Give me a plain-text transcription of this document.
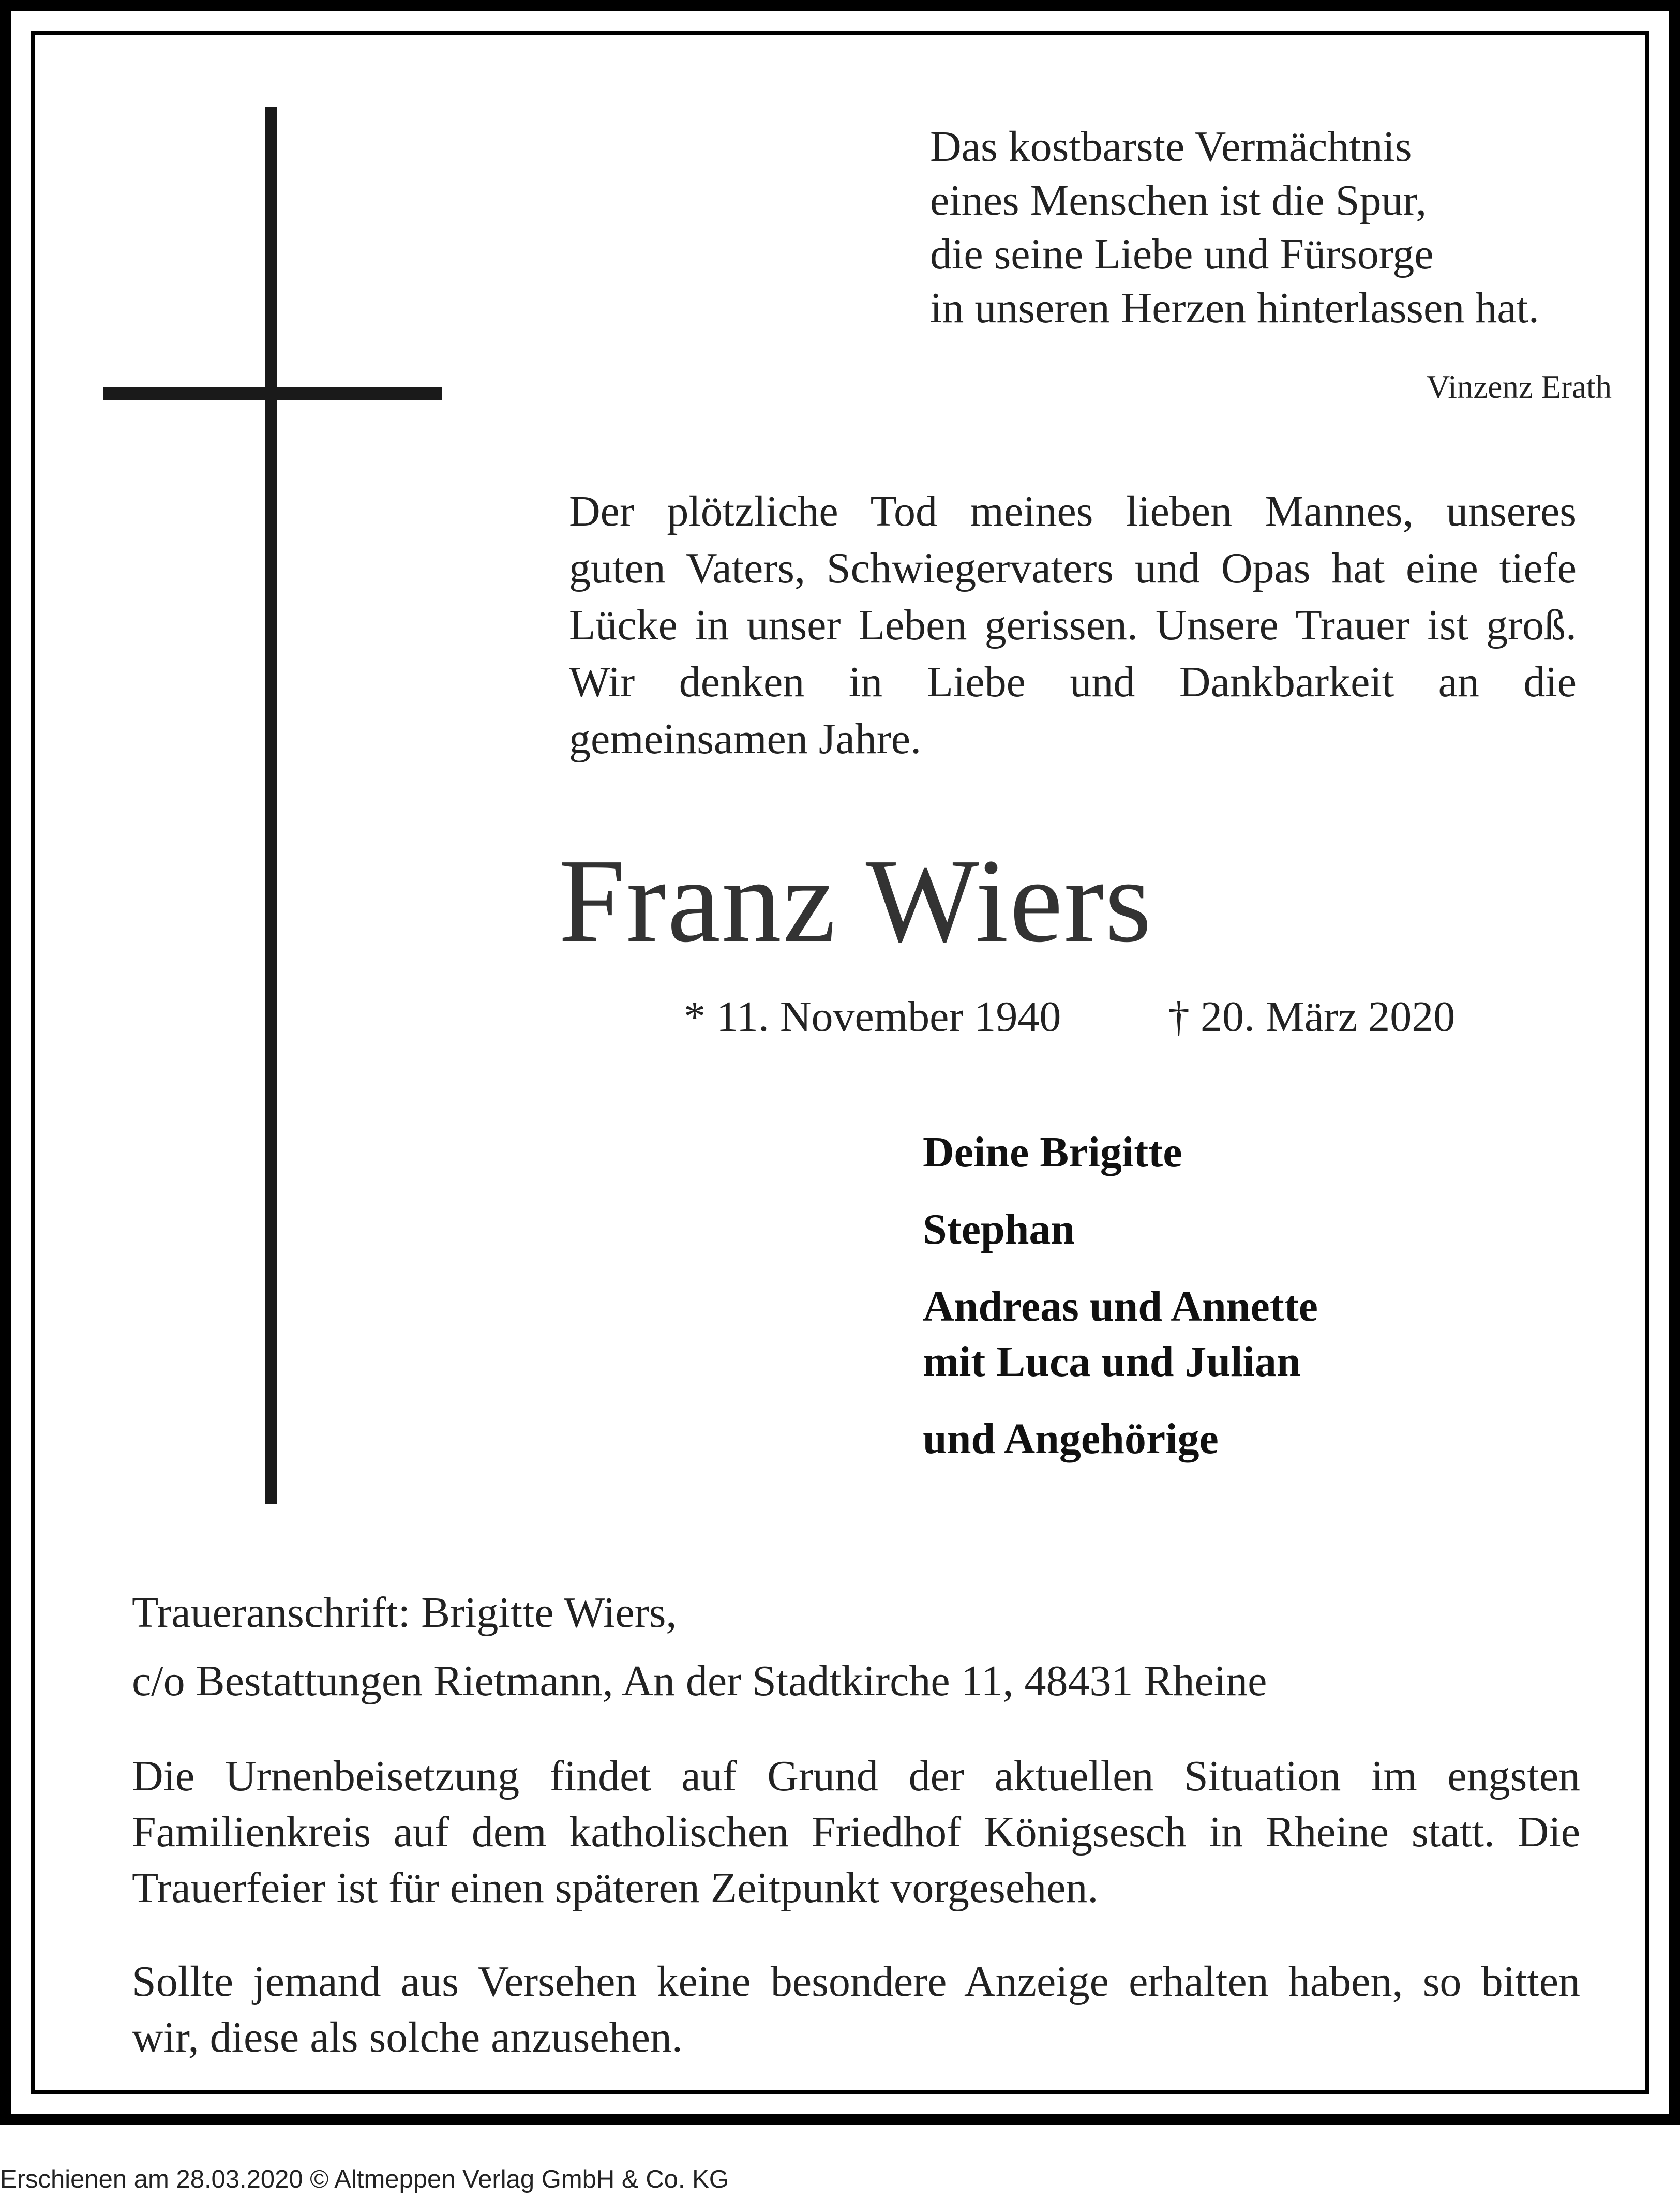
Das kostbarste Vermächtnis
eines Menschen ist die Spur,
die seine Liebe und Fürsorge
in unseren Herzen hinterlassen hat.
Vinzenz Erath
Der plötzliche Tod meines lieben Mannes, unseres
guten Vaters, Schwiegervaters und Opas hat eine tiefe
Lücke in unser Leben gerissen. Unsere Trauer ist groß.
Wir denken in Liebe und Dankbarkeit an die
gemeinsamen Jahre.
Franz Wiers
* 11. November 1940 † 20. März 2020
Deine Brigitte
Stephan
Andreas und Annette
mit Luca und Julian
und Angehörige
Traueranschrift: Brigitte Wiers,
c/o Bestattungen Rietmann, An der Stadtkirche 11, 48431 Rheine
Die Urnenbeisetzung findet auf Grund der aktuellen Situation im engsten
Familienkreis auf dem katholischen Friedhof Königsesch in Rheine statt. Die
Trauerfeier ist für einen späteren Zeitpunkt vorgesehen.
Sollte jemand aus Versehen keine besondere Anzeige erhalten haben, so bitten
wir, diese als solche anzusehen.
Erschienen am 28.03.2020 © Altmeppen Verlag GmbH & Co. KG
